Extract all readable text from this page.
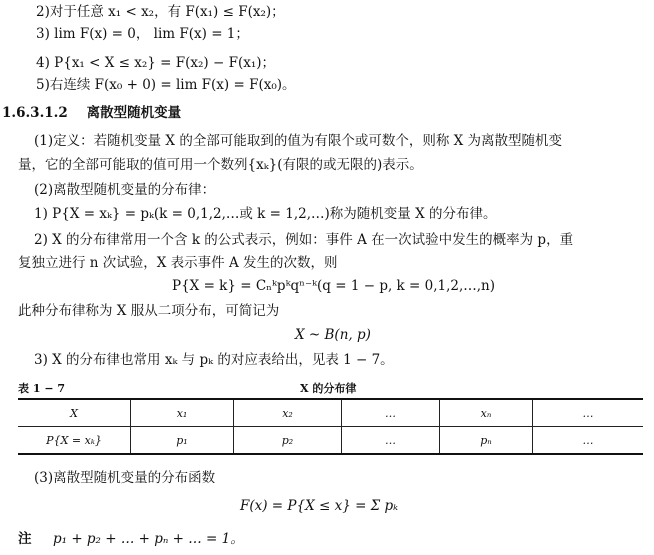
2)对于任意 x₁ < x₂，有 F(x₁) ≤ F(x₂)；
3) lim F(x) = 0， lim F(x) = 1；
4) P{x₁ < X ≤ x₂} = F(x₂) − F(x₁)；
5)右连续 F(x₀ + 0) = lim F(x) = F(x₀)。
1.6.3.1.2 离散型随机变量
(1)定义：若随机变量 X 的全部可能取到的值为有限个或可数个，则称 X 为离散型随机变
量，它的全部可能取的值可用一个数列{xₖ}(有限的或无限的)表示。
(2)离散型随机变量的分布律：
1) P{X = xₖ} = pₖ(k = 0,1,2,…或 k = 1,2,…)称为随机变量 X 的分布律。
2) X 的分布律常用一个含 k 的公式表示，例如：事件 A 在一次试验中发生的概率为 p，重
复独立进行 n 次试验，X 表示事件 A 发生的次数，则
P{X = k} = Cₙᵏpᵏqⁿ⁻ᵏ(q = 1 − p, k = 0,1,2,…,n)
此种分布律称为 X 服从二项分布，可简记为
X ~ B(n, p)
3) X 的分布律也常用 xₖ 与 pₖ 的对应表给出，见表 1 − 7。
表 1 − 7	X 的分布律
X	x₁	x₂	…	xₙ	…
P{X = xₖ}	p₁	p₂	…	pₙ	…
(3)离散型随机变量的分布函数
F(x) = P{X ≤ x} = Σ pₖ
注 p₁ + p₂ + … + pₙ + … = 1。
